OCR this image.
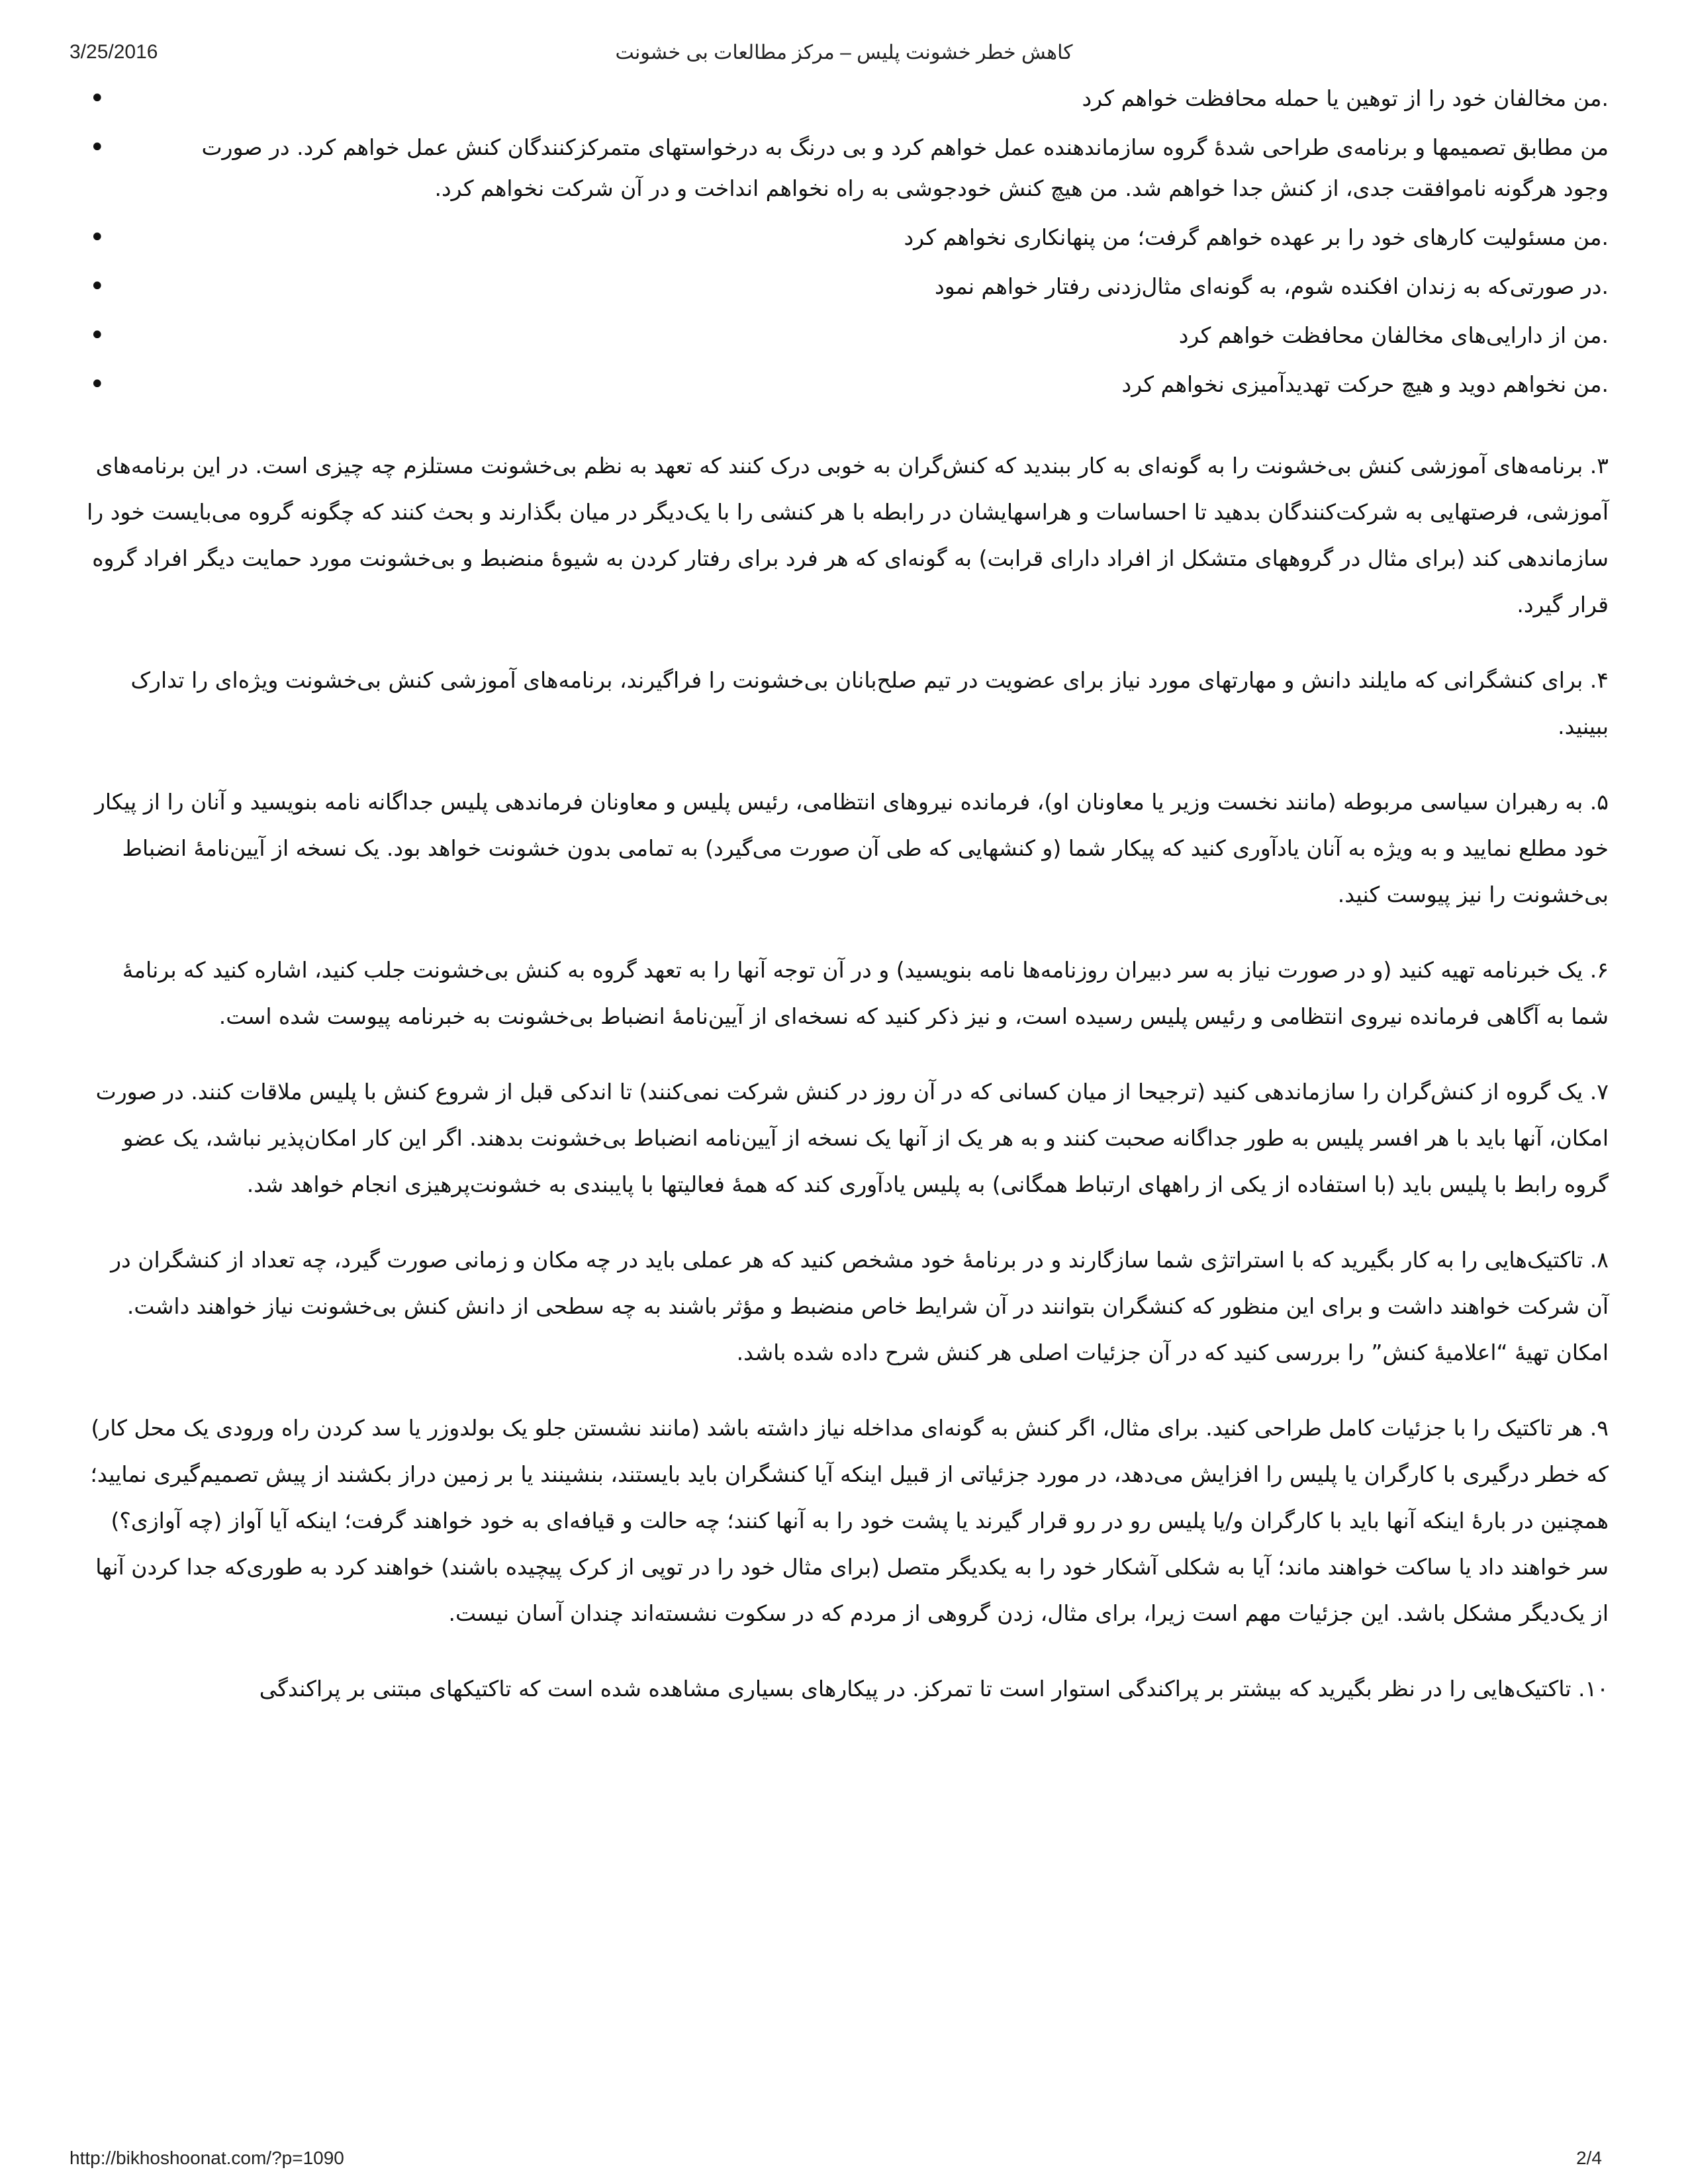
3/25/2016	کاهش خطر خشونت پلیس – مرکز مطالعات بی خشونت
.من مخالفان خود را از توهین یا حمله محافظت خواهم کرد •
من مطابق تصمیمها و برنامه‌ی طراحی شدهٔ گروه سازماندهنده عمل خواهم کرد و بی درنگ به درخواستهای متمرکزکنندگان کنش عمل خواهم کرد. در صورت وجود هرگونه ناموافقت جدی، از کنش جدا خواهم شد. من هیچ کنش خودجوشی به راه نخواهم انداخت و در آن شرکت نخواهم کرد. •
.من مسئولیت کارهای خود را بر عهده خواهم گرفت؛ من پنهانکاری نخواهم کرد •
.در صورتی‌که به زندان افکنده شوم، به گونه‌ای مثال‌زدنی رفتار خواهم نمود •
.من از دارایی‌های مخالفان محافظت خواهم کرد •
.من نخواهم دوید و هیچ حرکت تهدیدآمیزی نخواهم کرد •

۳. برنامه‌های آموزشی کنش بی‌خشونت را به گونه‌ای به کار ببندید که کنش‌گران به خوبی درک کنند که تعهد به نظم بی‌خشونت مستلزم چه چیزی است. در این برنامه‌های آموزشی، فرصتهایی به شرکت‌کنندگان بدهید تا احساسات و هراسهایشان در رابطه با هر کنشی را با یک‌دیگر در میان بگذارند و بحث کنند که چگونه گروه می‌بایست خود را سازماندهی کند (برای مثال در گروههای متشکل از افراد دارای قرابت) به گونه‌ای که هر فرد برای رفتار کردن به شیوهٔ منضبط و بی‌خشونت مورد حمایت دیگر افراد گروه قرار گیرد.

۴. برای کنشگرانی که مایلند دانش و مهارتهای مورد نیاز برای عضویت در تیم صلح‌بانان بی‌خشونت را فراگیرند، برنامه‌های آموزشی کنش بی‌خشونت ویژه‌ای را تدارک ببینید.

۵. به رهبران سیاسی مربوطه (مانند نخست وزیر یا معاونان او)، فرمانده نیروهای انتظامی، رئیس پلیس و معاونان فرماندهی پلیس جداگانه نامه بنویسید و آنان را از پیکار خود مطلع نمایید و به ویژه به آنان یادآوری کنید که پیکار شما (و کنشهایی که طی آن صورت می‌گیرد) به تمامی بدون خشونت خواهد بود. یک نسخه از آیین‌نامهٔ انضباط بی‌خشونت را نیز پیوست کنید.

۶. یک خبرنامه تهیه کنید (و در صورت نیاز به سر دبیران روزنامه‌ها نامه بنویسید) و در آن توجه آنها را به تعهد گروه به کنش بی‌خشونت جلب کنید، اشاره کنید که برنامهٔ شما به آگاهی فرمانده نیروی انتظامی و رئیس پلیس رسیده است، و نیز ذکر کنید که نسخه‌ای از آیین‌نامهٔ انضباط بی‌خشونت به خبرنامه پیوست شده است.

۷. یک گروه از کنش‌گران را سازماندهی کنید (ترجیحا از میان کسانی که در آن روز در کنش شرکت نمی‌کنند) تا اندکی قبل از شروع کنش با پلیس ملاقات کنند. در صورت امکان، آنها باید با هر افسر پلیس به طور جداگانه صحبت کنند و به هر یک از آنها یک نسخه از آیین‌نامه انضباط بی‌خشونت بدهند. اگر این کار امکان‌پذیر نباشد، یک عضو گروه رابط با پلیس باید (با استفاده از یکی از راههای ارتباط همگانی) به پلیس یادآوری کند که همهٔ فعالیتها با پایبندی به خشونت‌پرهیزی انجام خواهد شد.

۸. تاکتیک‌هایی را به کار بگیرید که با استراتژی شما سازگارند و در برنامهٔ خود مشخص کنید که هر عملی باید در چه مکان و زمانی صورت گیرد، چه تعداد از کنشگران در آن شرکت خواهند داشت و برای این منظور که کنشگران بتوانند در آن شرایط خاص منضبط و مؤثر باشند به چه سطحی از دانش کنش بی‌خشونت نیاز خواهند داشت. امکان تهیهٔ “اعلامیهٔ کنش” را بررسی کنید که در آن جزئیات اصلی هر کنش شرح داده شده باشد.

۹. هر تاکتیک را با جزئیات کامل طراحی کنید. برای مثال، اگر کنش به گونه‌ای مداخله نیاز داشته باشد (مانند نشستن جلو یک بولدوزر یا سد کردن راه ورودی یک محل کار) که خطر درگیری با کارگران یا پلیس را افزایش می‌دهد، در مورد جزئیاتی از قبیل اینکه آیا کنشگران باید بایستند، بنشینند یا بر زمین دراز بکشند از پیش تصمیم‌گیری نمایید؛ همچنین در بارهٔ اینکه آنها باید با کارگران و/یا پلیس رو در رو قرار گیرند یا پشت خود را به آنها کنند؛ چه حالت و قیافه‌ای به خود خواهند گرفت؛ اینکه آیا آواز (چه آوازی؟) سر خواهند داد یا ساکت خواهند ماند؛ آیا به شکلی آشکار خود را به یکدیگر متصل (برای مثال خود را در توپی از کرک پیچیده باشند) خواهند کرد به طوری‌که جدا کردن آنها از یک‌دیگر مشکل باشد. این جزئیات مهم است زیرا، برای مثال، زدن گروهی از مردم که در سکوت نشسته‌اند چندان آسان نیست.

۱۰. تاکتیک‌هایی را در نظر بگیرید که بیشتر بر پراکندگی استوار است تا تمرکز. در پیکارهای بسیاری مشاهده شده است که تاکتیکهای مبتنی بر پراکندگی

http://bikhoshoonat.com/?p=1090	2/4
